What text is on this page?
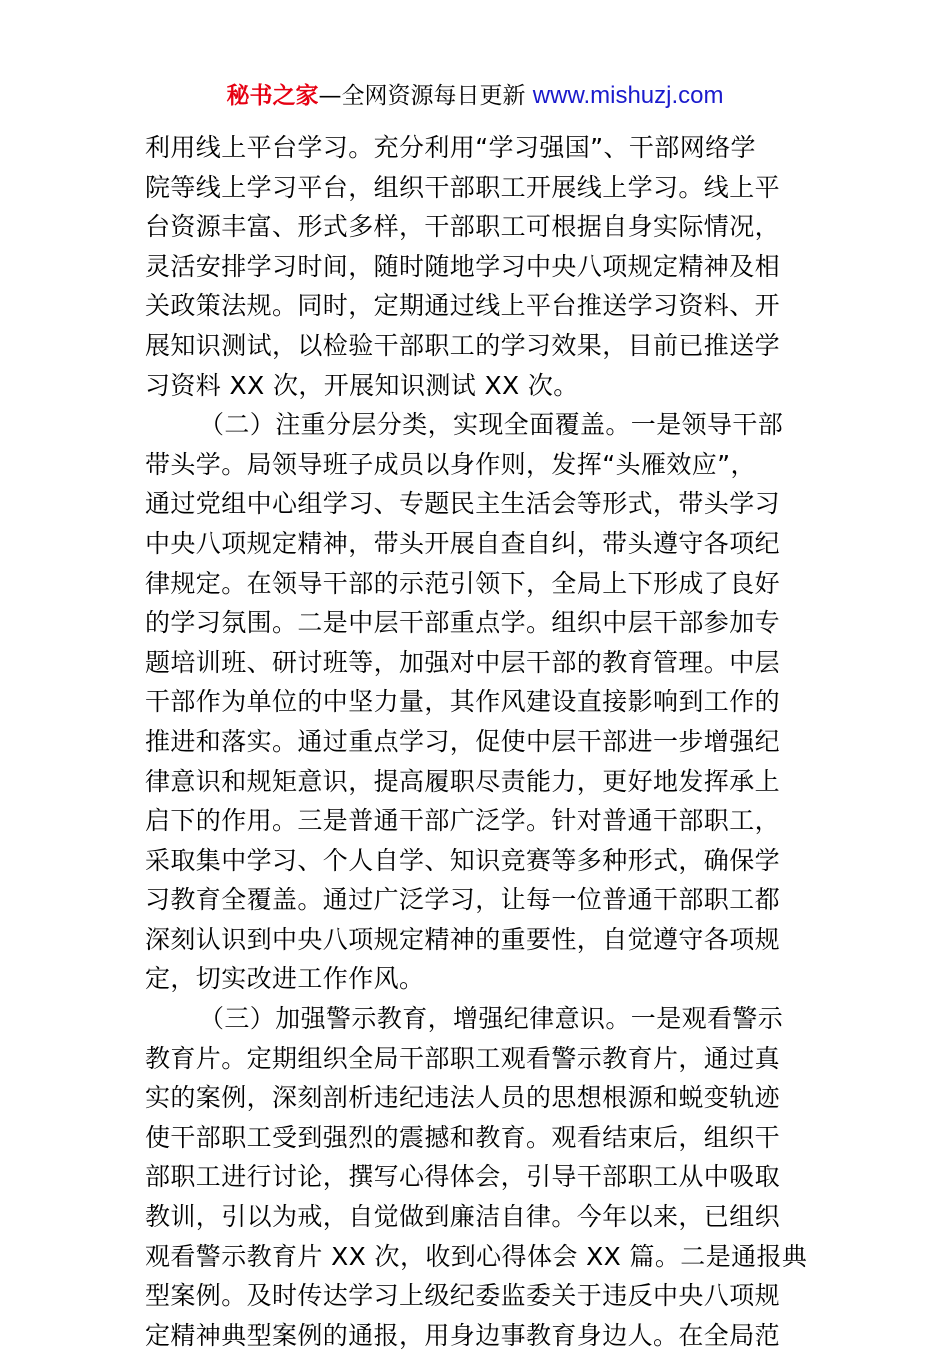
秘书之家—全网资源每日更新 www.mishuzj.com
利用线上平台学习。充分利用“学习强国”、干部网络学
院等线上学习平台，组织干部职工开展线上学习。线上平
台资源丰富、形式多样，干部职工可根据自身实际情况，
灵活安排学习时间，随时随地学习中央八项规定精神及相
关政策法规。同时，定期通过线上平台推送学习资料、开
展知识测试，以检验干部职工的学习效果，目前已推送学
习资料 XX 次，开展知识测试 XX 次。
（二）注重分层分类，实现全面覆盖。一是领导干部
带头学。局领导班子成员以身作则，发挥“头雁效应”，
通过党组中心组学习、专题民主生活会等形式，带头学习
中央八项规定精神，带头开展自查自纠，带头遵守各项纪
律规定。在领导干部的示范引领下，全局上下形成了良好
的学习氛围。二是中层干部重点学。组织中层干部参加专
题培训班、研讨班等，加强对中层干部的教育管理。中层
干部作为单位的中坚力量，其作风建设直接影响到工作的
推进和落实。通过重点学习，促使中层干部进一步增强纪
律意识和规矩意识，提高履职尽责能力，更好地发挥承上
启下的作用。三是普通干部广泛学。针对普通干部职工，
采取集中学习、个人自学、知识竞赛等多种形式，确保学
习教育全覆盖。通过广泛学习，让每一位普通干部职工都
深刻认识到中央八项规定精神的重要性，自觉遵守各项规
定，切实改进工作作风。
（三）加强警示教育，增强纪律意识。一是观看警示
教育片。定期组织全局干部职工观看警示教育片，通过真
实的案例，深刻剖析违纪违法人员的思想根源和蜕变轨迹
使干部职工受到强烈的震撼和教育。观看结束后，组织干
部职工进行讨论，撰写心得体会，引导干部职工从中吸取
教训，引以为戒，自觉做到廉洁自律。今年以来，已组织
观看警示教育片 XX 次，收到心得体会 XX 篇。二是通报典
型案例。及时传达学习上级纪委监委关于违反中央八项规
定精神典型案例的通报，用身边事教育身边人。在全局范
